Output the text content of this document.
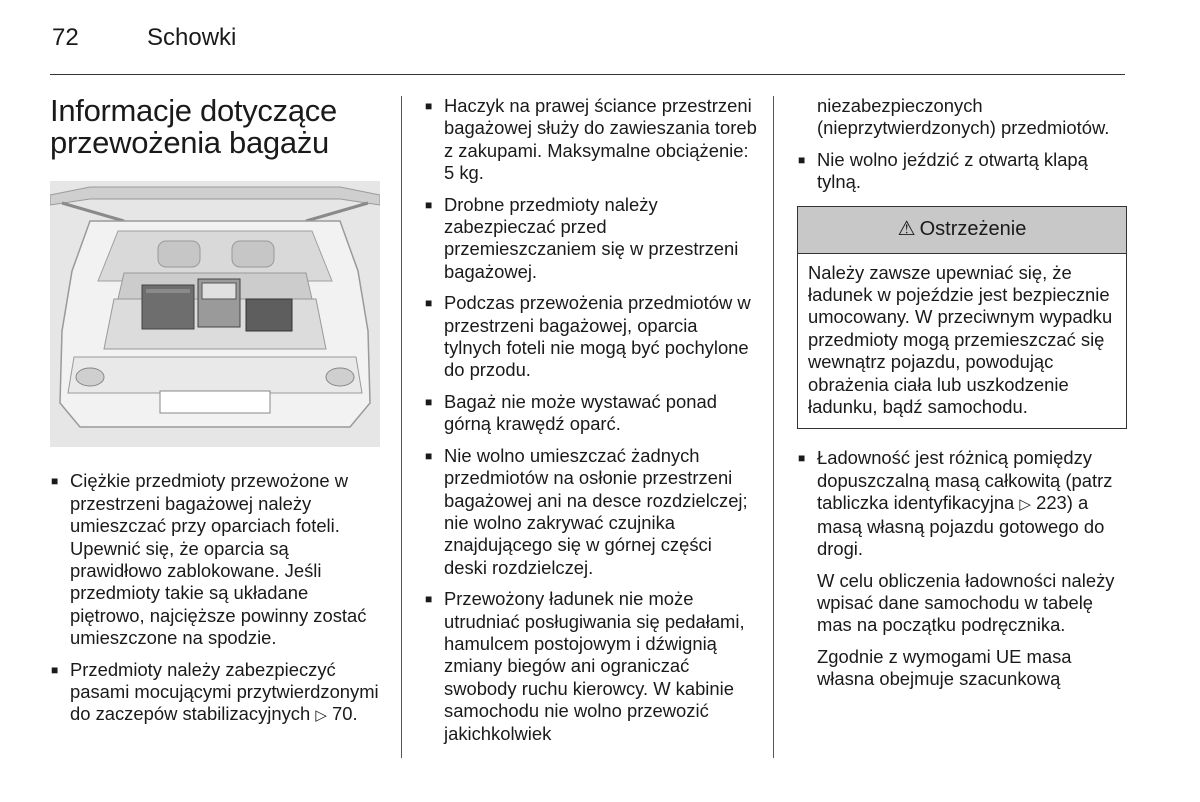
72	Schowki
Informacje dotyczące
przewożenia bagażu
■ Ciężkie przedmioty przewożone w przestrzeni bagażowej należy umieszczać przy oparciach foteli. Upewnić się, że oparcia są prawidłowo zablokowane. Jeśli przedmioty takie są układane piętrowo, najcięższe powinny zostać umieszczone na spodzie.
■ Przedmioty należy zabezpieczyć pasami mocującymi przytwierdzonymi do zaczepów stabilizacyjnych ▷ 70.
■ Haczyk na prawej ściance przestrzeni bagażowej służy do zawieszania toreb z zakupami. Maksymalne obciążenie: 5 kg.
■ Drobne przedmioty należy zabezpieczać przed przemieszczaniem się w przestrzeni bagażowej.
■ Podczas przewożenia przedmiotów w przestrzeni bagażowej, oparcia tylnych foteli nie mogą być pochylone do przodu.
■ Bagaż nie może wystawać ponad górną krawędź oparć.
■ Nie wolno umieszczać żadnych przedmiotów na osłonie przestrzeni bagażowej ani na desce rozdzielczej; nie wolno zakrywać czujnika znajdującego się w górnej części deski rozdzielczej.
■ Przewożony ładunek nie może utrudniać posługiwania się pedałami, hamulcem postojowym i dźwignią zmiany biegów ani ograniczać swobody ruchu kierowcy. W kabinie samochodu nie wolno przewozić jakichkolwiek
niezabezpieczonych (nieprzytwierdzonych) przedmiotów.
■ Nie wolno jeździć z otwartą klapą tylną.
⚠ Ostrzeżenie
Należy zawsze upewniać się, że ładunek w pojeździe jest bezpiecznie umocowany. W przeciwnym wypadku przedmioty mogą przemieszczać się wewnątrz pojazdu, powodując obrażenia ciała lub uszkodzenie ładunku, bądź samochodu.
■ Ładowność jest różnicą pomiędzy dopuszczalną masą całkowitą (patrz tabliczka identyfikacyjna ▷ 223) a masą własną pojazdu gotowego do drogi.

W celu obliczenia ładowności należy wpisać dane samochodu w tabelę mas na początku podręcznika.

Zgodnie z wymogami UE masa własna obejmuje szacunkową
